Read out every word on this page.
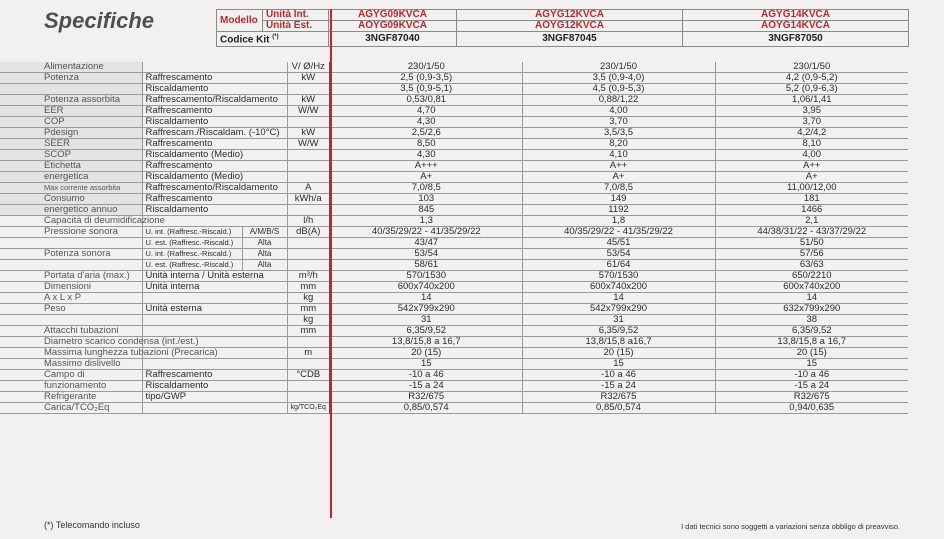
Specifiche	Modello	Unità Int.	AGYG09KVCA	AGYG12KVCA	AGYG14KVCA
	Unità Est.	AOYG09KVCA	AOYG12KVCA	AOYG14KVCA
Codice Kit (*)		3NGF87040	3NGF87045	3NGF87050
Alimentazione			V/ Ø/Hz	230/1/50	230/1/50	230/1/50
Potenza	Raffrescamento		kW	2,5 (0,9-3,5)	3,5 (0,9-4,0)	4,2 (0,9-5,2)
	Riscaldamento			3,5 (0,9-5,1)	4,5 (0,9-5,3)	5,2 (0,9-6,3)
Potenza assorbita	Raffrescamento/Riscaldamento		kW	0,53/0,81	0,88/1,22	1,06/1,41
EER	Raffrescamento		W/W	4,70	4,00	3,95
COP	Riscaldamento			4,30	3,70	3,70
Pdesign	Raffrescam./Riscaldam. (-10°C)		kW	2,5/2,6	3,5/3,5	4,2/4,2
SEER	Raffrescamento		W/W	8,50	8,20	8,10
SCOP	Riscaldamento (Medio)			4,30	4,10	4,00
Etichetta	Raffrescamento			A+++	A++	A++
energetica	Riscaldamento (Medio)			A+	A+	A+
Max corrente assorbita	Raffrescamento/Riscaldamento		A	7,0/8,5	7,0/8,5	11,00/12,00
Consumo	Raffrescamento		kWh/a	103	149	181
energetico annuo	Riscaldamento			845	1192	1466
Capacità di deumidificazione			l/h	1,3	1,8	2,1
Pressione sonora	U. int. (Raffresc.-Riscald.)	A/M/B/S	dB(A)	40/35/29/22 - 41/35/29/22	40/35/29/22 - 41/35/29/22	44/38/31/22 - 43/37/29/22
	U. est. (Raffresc.-Riscald.)	Alta		43/47	45/51	51/50
Potenza sonora	U. int. (Raffresc.-Riscald.)	Alta		53/54	53/54	57/56
	U. est. (Raffresc.-Riscald.)	Alta		58/61	61/64	63/63
Portata d'aria (max.)	Unità interna / Unità esterna		m³/h	570/1530	570/1530	650/2210
Dimensioni	Unità interna		mm	600x740x200	600x740x200	600x740x200
A x L x P			kg	14	14	14
Peso	Unità esterna		mm	542x799x290	542x799x290	632x799x290
			kg	31	31	38
Attacchi tubazioni			mm	6,35/9,52	6,35/9,52	6,35/9,52
Diametro scarico condensa (int./est.)				13,8/15,8 a 16,7	13,8/15,8 a16,7	13,8/15,8 a 16,7
Massima lunghezza tubazioni (Precarica)			m	20 (15)	20 (15)	20 (15)
Massimo dislivello				15	15	15
Campo di	Raffrescamento		°CDB	-10 a 46	-10 a 46	-10 a 46
funzionamento	Riscaldamento			-15 a 24	-15 a 24	-15 a 24
Refrigerante	tipo/GWP			R32/675	R32/675	R32/675
Carica/TCO₂Eq			kg/TCO₂Eq	0,85/0,574	0,85/0,574	0,94/0,635
(*) Telecomando incluso	I dati tecnici sono soggetti a variazioni senza obbligo di preavviso.
